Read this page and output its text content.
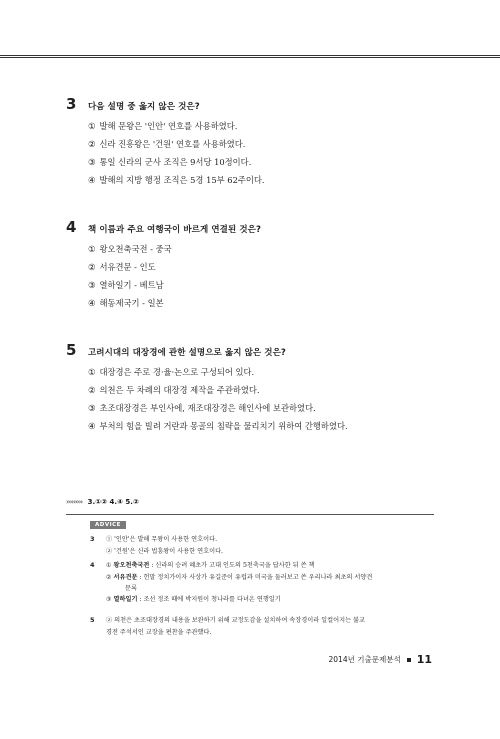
3	다음 설명 중 옳지 않은 것은?
① 발해 문왕은 '인안' 연호를 사용하였다.
② 신라 진흥왕은 '건원' 연호를 사용하였다.
③ 통일 신라의 군사 조직은 9서당 10정이다.
④ 발해의 지방 행정 조직은 5경 15부 62주이다.
4	책 이름과 주요 여행국이 바르게 연결된 것은?
① 왕오천축국전 - 중국
② 서유견문 - 인도
③ 열하일기 - 베트남
④ 해동제국기 - 일본
5	고려시대의 대장경에 관한 설명으로 옳지 않은 것은?
① 대장경은 주로 경·율·논으로 구성되어 있다.
② 의천은 두 차례의 대장경 제작을 주관하였다.
③ 초조대장경은 부인사에, 재조대장경은 해인사에 보관하였다.
④ 부처의 힘을 빌려 거란과 몽골의 침략을 물리치기 위하여 간행하였다.
››››››››› 3.①② 4.④ 5.②
ADVICE
3	① '인안'은 발해 무왕이 사용한 연호이다.
② '건원'은 신라 법흥왕이 사용한 연호이다.
4	① 왕오천축국전 : 신라의 승려 혜초가 고대 인도의 5천축국을 답사한 뒤 쓴 책
② 서유견문 : 헌말 정치가이자 사상가 유길준이 유럽과 미국을 둘러보고 쓴 우리나라 최초의 서양견
문록
③ 열하일기 : 조선 정조 때에 박지원이 청나라를 다녀온 연행일기
5	② 의천은 초조대장경의 내용을 보완하기 위해 교정도감을 설치하여 속장경이라 일컬어지는 불교
경전 주석서인 교장을 편찬을 주관했다.
2014년 기출문제분석 11
